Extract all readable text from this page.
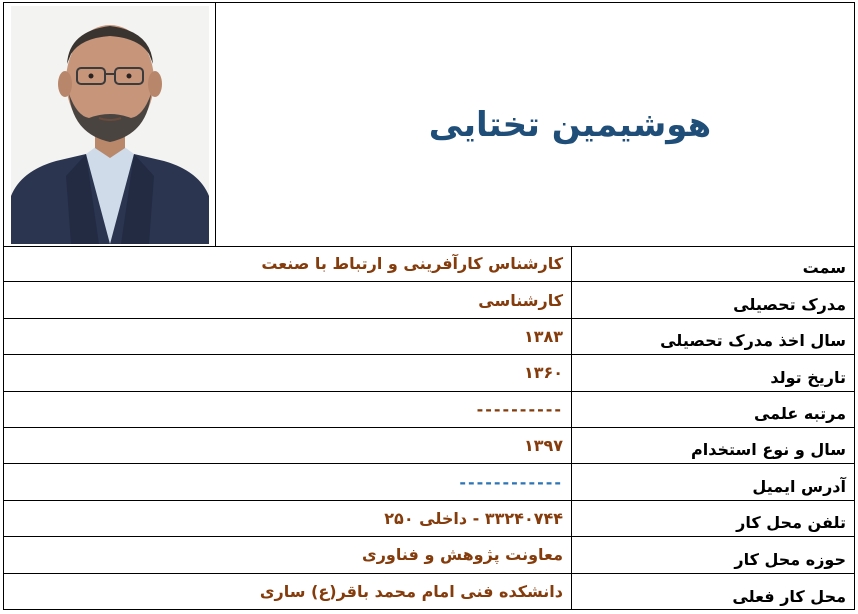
هوشیمین تختایی
سمت
کارشناس کارآفرینی و ارتباط با صنعت
مدرک تحصیلی
کارشناسی
سال اخذ مدرک تحصیلی
۱۳۸۳
تاریخ تولد
۱۳۶۰
مرتبه علمی
----------
سال و نوع استخدام
۱۳۹۷
آدرس ایمیل
------------
تلفن محل کار
۳۳۲۴۰۷۴۴ - داخلی ۲۵۰
حوزه محل کار
معاونت پژوهش و فناوری
محل کار فعلی
دانشکده فنی امام محمد باقر(ع) ساری
